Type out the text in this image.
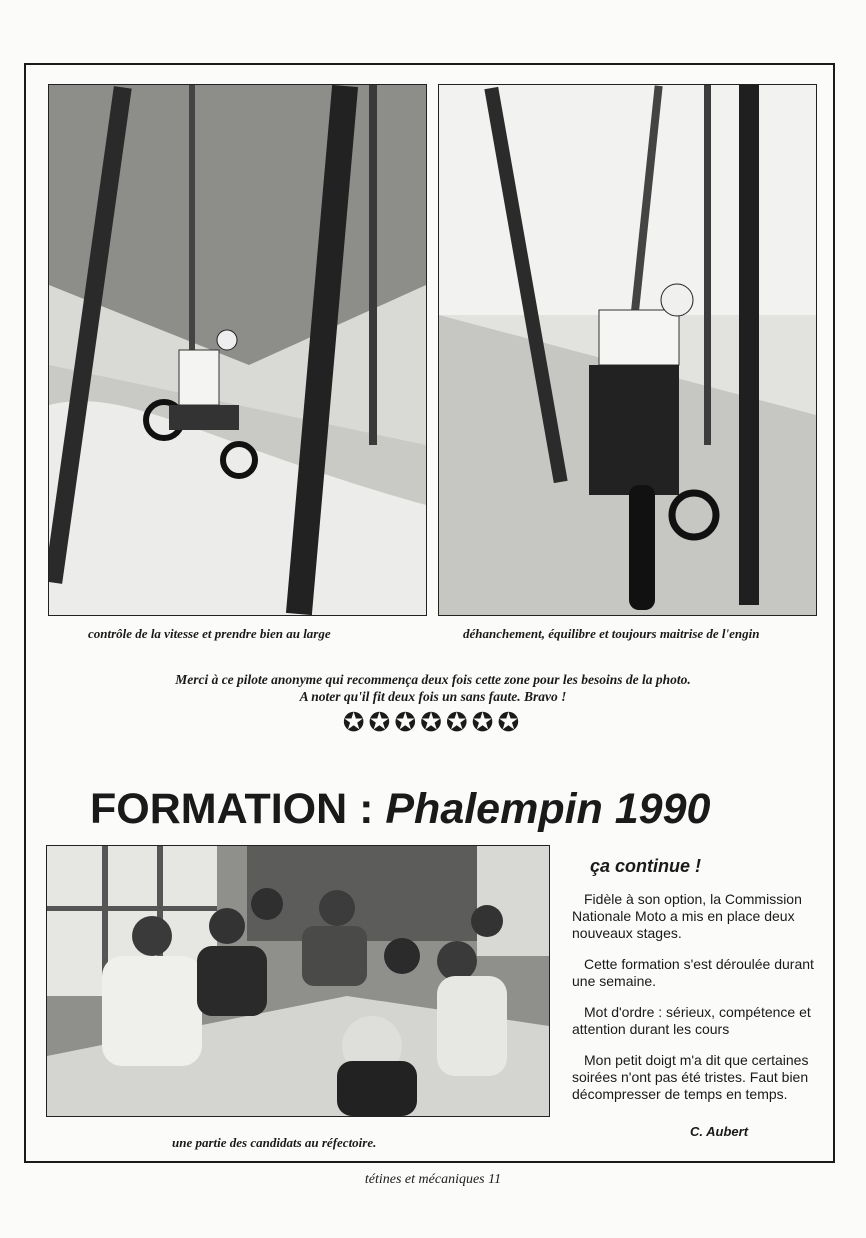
contrôle de la vitesse et prendre bien au large	déhanchement, équilibre et toujours maitrise de l'engin
Merci à ce pilote anonyme qui recommença deux fois cette zone pour les besoins de la photo.
A noter qu'il fit deux fois un sans faute. Bravo !
✪✪✪✪✪✪✪
FORMATION : Phalempin 1990
une partie des candidats au réfectoire.
ça continue !

Fidèle à son option, la Commission Nationale Moto a mis en place deux nouveaux stages.

Cette formation s'est déroulée durant une semaine.

Mot d'ordre : sérieux, compétence et attention durant les cours

Mon petit doigt m'a dit que certaines soirées n'ont pas été tristes. Faut bien décompresser de temps en temps.

C. Aubert
tétines et mécaniques 11
